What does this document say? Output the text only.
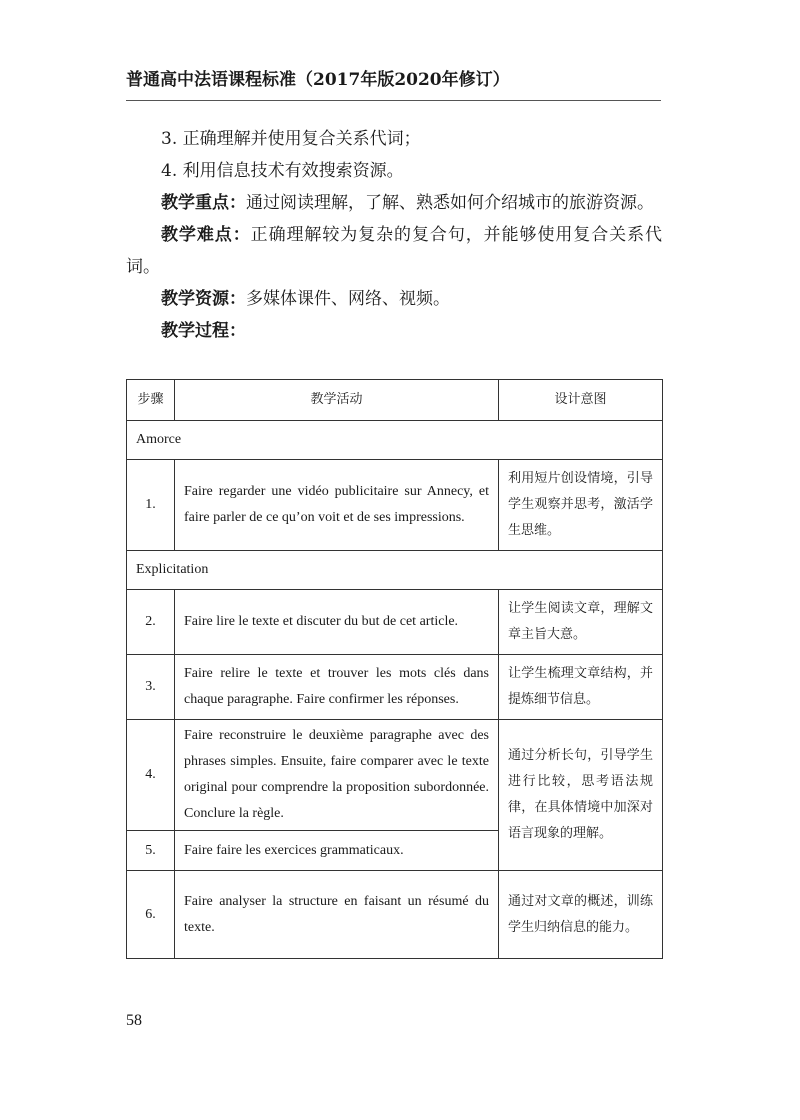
普通高中法语课程标准（2017年版2020年修订）

3. 正确理解并使用复合关系代词；

4. 利用信息技术有效搜索资源。

教学重点：通过阅读理解，了解、熟悉如何介绍城市的旅游资源。

教学难点：正确理解较为复杂的复合句，并能够使用复合关系代词。

教学资源：多媒体课件、网络、视频。

教学过程：

步骤	教学活动	设计意图
Amorce		
1.	Faire regarder une vidéo publicitaire sur Annecy, et faire parler de ce qu’on voit et de ses impressions.	利用短片创设情境，引导学生观察并思考，激活学生思维。
Explicitation		
2.	Faire lire le texte et discuter du but de cet article.	让学生阅读文章，理解文章主旨大意。
3.	Faire relire le texte et trouver les mots clés dans chaque paragraphe. Faire confirmer les réponses.	让学生梳理文章结构，并提炼细节信息。
4.	Faire reconstruire le deuxième paragraphe avec des phrases simples. Ensuite, faire comparer avec le texte original pour comprendre la proposition subordonnée. Conclure la règle.	通过分析长句，引导学生进行比较，思考语法规律，在具体情境中加深对语言现象的理解。
5.	Faire faire les exercices grammaticaux.	
6.	Faire analyser la structure en faisant un résumé du texte.	通过对文章的概述，训练学生归纳信息的能力。
58
